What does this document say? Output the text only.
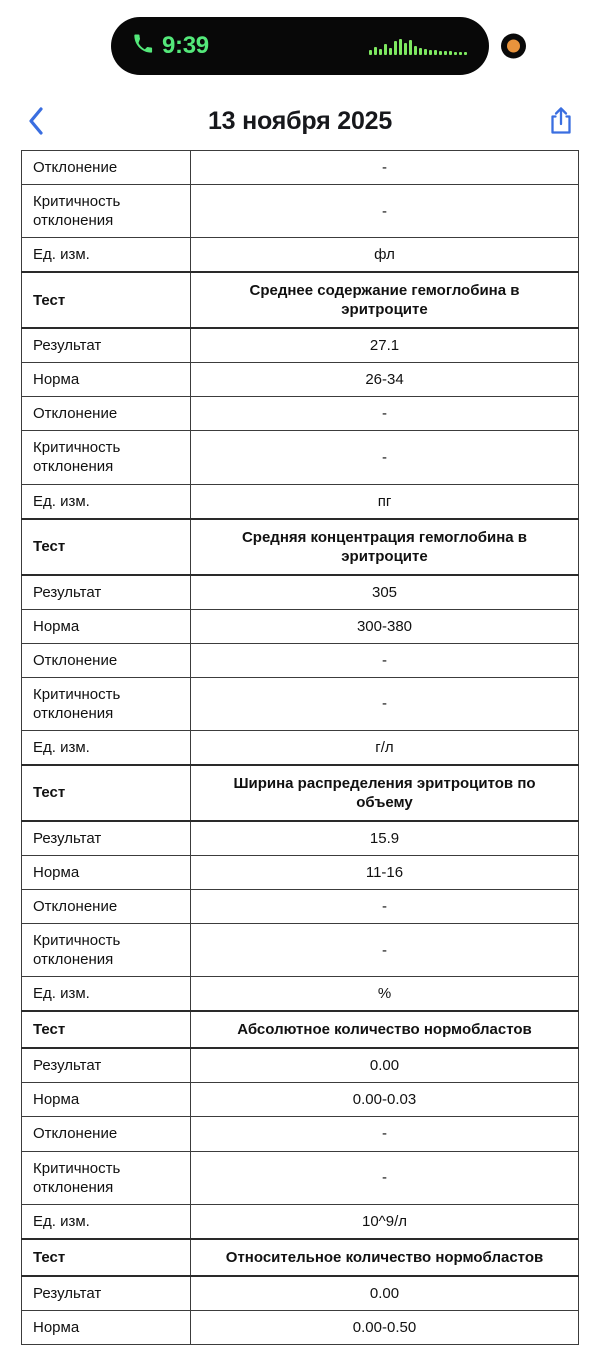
9:39
13 ноября 2025
Отклонение	-
Критичность отклонения	-
Ед. изм.	фл
Тест	Среднее содержание гемоглобина в эритроците
Результат	27.1
Норма	26-34
Отклонение	-
Критичность отклонения	-
Ед. изм.	пг
Тест	Средняя концентрация гемоглобина в эритроците
Результат	305
Норма	300-380
Отклонение	-
Критичность отклонения	-
Ед. изм.	г/л
Тест	Ширина распределения эритроцитов по объему
Результат	15.9
Норма	11-16
Отклонение	-
Критичность отклонения	-
Ед. изм.	%
Тест	Абсолютное количество нормобластов
Результат	0.00
Норма	0.00-0.03
Отклонение	-
Критичность отклонения	-
Ед. изм.	10^9/л
Тест	Относительное количество нормобластов
Результат	0.00
Норма	0.00-0.50
